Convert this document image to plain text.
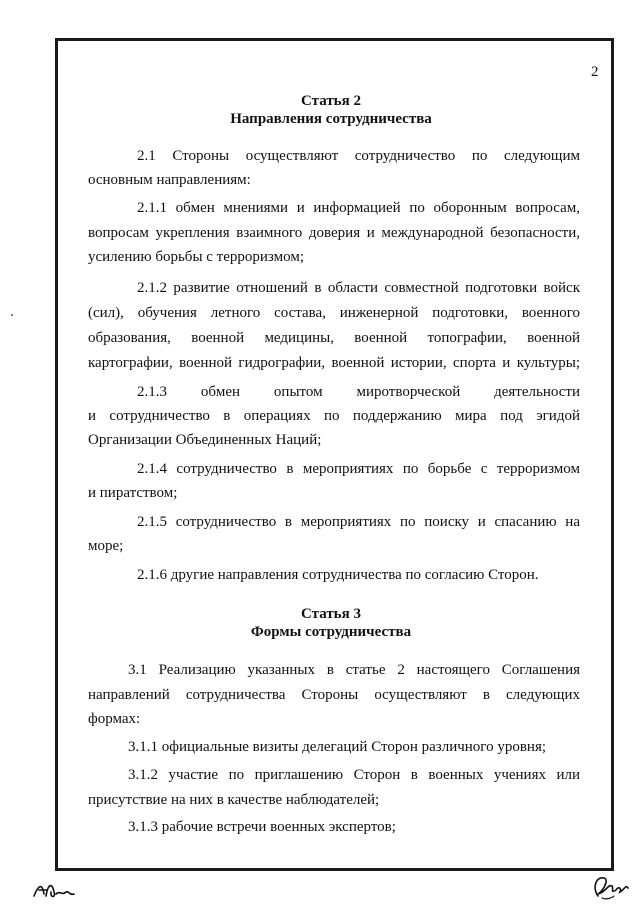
2
Статья 2
Направления сотрудничества
2.1 Стороны осуществляют сотрудничество по следующим
основным направлениям:
2.1.1 обмен мнениями и информацией по оборонным вопросам,
вопросам укрепления взаимного доверия и международной безопасности,
усилению борьбы с терроризмом;
2.1.2 развитие отношений в области совместной подготовки войск
(сил), обучения летного состава, инженерной подготовки, военного
образования, военной медицины, военной топографии, военной
картографии, военной гидрографии, военной истории, спорта и культуры;
2.1.3 обмен опытом миротворческой деятельности
и сотрудничество в операциях по поддержанию мира под эгидой
Организации Объединенных Наций;
2.1.4 сотрудничество в мероприятиях по борьбе с терроризмом
и пиратством;
2.1.5 сотрудничество в мероприятиях по поиску и спасанию на
море;
2.1.6 другие направления сотрудничества по согласию Сторон.
Статья 3
Формы сотрудничества
3.1 Реализацию указанных в статье 2 настоящего Соглашения
направлений сотрудничества Стороны осуществляют в следующих
формах:
3.1.1 официальные визиты делегаций Сторон различного уровня;
3.1.2 участие по приглашению Сторон в военных учениях или
присутствие на них в качестве наблюдателей;
3.1.3 рабочие встречи военных экспертов;
